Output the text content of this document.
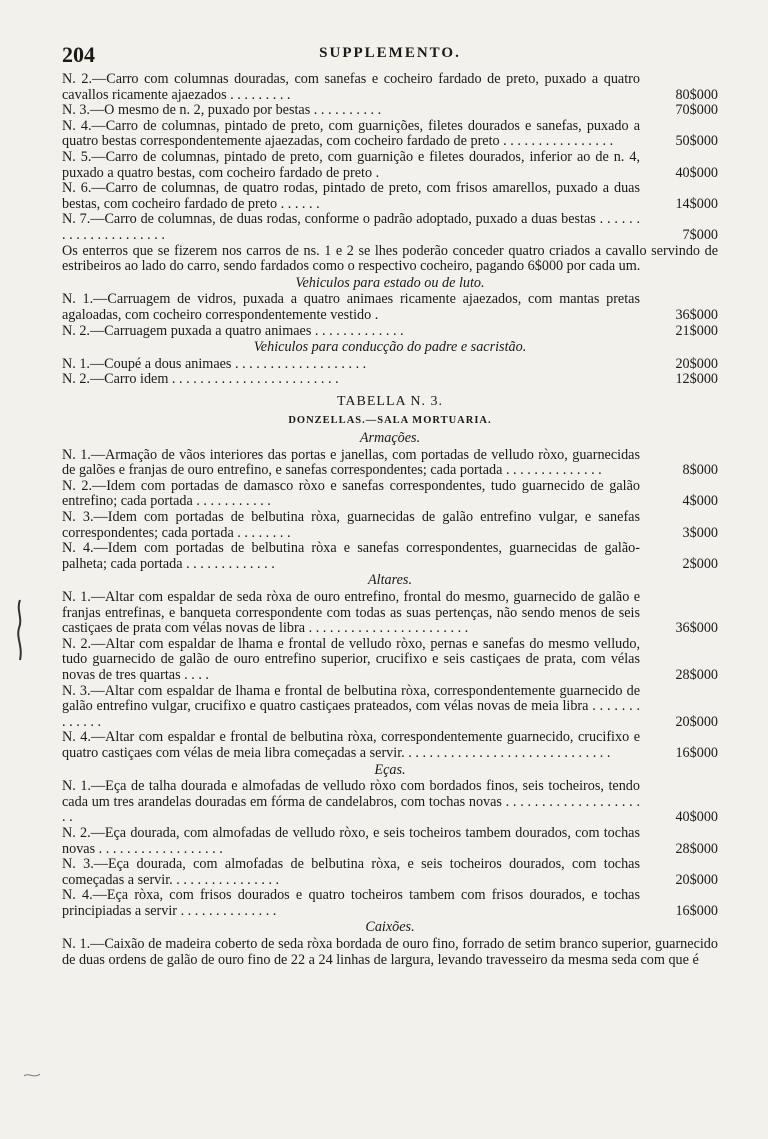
204	SUPPLEMENTO.
N. 2.—Carro com columnas douradas, com sanefas e cocheiro fardado de preto, puxado a quatro cavallos ricamente ajaezados . . . . . . . . .	80$000
N. 3.—O mesmo de n. 2, puxado por bestas . . . . . . . . . .	70$000
N. 4.—Carro de columnas, pintado de preto, com guarnições, filetes dourados e sanefas, puxado a quatro bestas correspondentemente ajaezadas, com cocheiro fardado de preto . . . . . . . . . . . . . . . .	50$000
N. 5.—Carro de columnas, pintado de preto, com guarnição e filetes dourados, inferior ao de n. 4, puxado a quatro bestas, com cocheiro fardado de preto .	40$000
N. 6.—Carro de columnas, de quatro rodas, pintado de preto, com frisos amarellos, puxado a duas bestas, com cocheiro fardado de preto . . . . . .	14$000
N. 7.—Carro de columnas, de duas rodas, conforme o padrão adoptado, puxado a duas bestas . . . . . . . . . . . . . . . . . . . . .	7$000
Os enterros que se fizerem nos carros de ns. 1 e 2 se lhes poderão conceder quatro criados a cavallo servindo de estribeiros ao lado do carro, sendo fardados como o respectivo cocheiro, pagando 6$000 por cada um.
Vehiculos para estado ou de luto.
N. 1.—Carruagem de vidros, puxada a quatro animaes ricamente ajaezados, com mantas pretas agaloadas, com cocheiro correspondentemente vestido .	36$000
N. 2.—Carruagem puxada a quatro animaes . . . . . . . . . . . . .	21$000
Vehiculos para conducção do padre e sacristão.
N. 1.—Coupé a dous animaes . . . . . . . . . . . . . . . . . . .	20$000
N. 2.—Carro idem . . . . . . . . . . . . . . . . . . . . . . . .	12$000
TABELLA N. 3.
DONZELLAS.—SALA MORTUARIA.
Armações.
N. 1.—Armação de vãos interiores das portas e janellas, com portadas de velludo ròxo, guarnecidas de galões e franjas de ouro entrefino, e sanefas correspondentes; cada portada . . . . . . . . . . . . . .	8$000
N. 2.—Idem com portadas de damasco ròxo e sanefas correspondentes, tudo guarnecido de galão entrefino; cada portada . . . . . . . . . . .	4$000
N. 3.—Idem com portadas de belbutina ròxa, guarnecidas de galão entrefino vulgar, e sanefas correspondentes; cada portada . . . . . . . .	3$000
N. 4.—Idem com portadas de belbutina ròxa e sanefas correspondentes, guarnecidas de galão-palheta; cada portada . . . . . . . . . . . . .	2$000
Altares.
N. 1.—Altar com espaldar de seda ròxa de ouro entrefino, frontal do mesmo, guarnecido de galão e franjas entrefinas, e banqueta correspondente com todas as suas pertenças, não sendo menos de seis castiçaes de prata com vélas novas de libra . . . . . . . . . . . . . . . . . . . . . . .	36$000
N. 2.—Altar com espaldar de lhama e frontal de velludo ròxo, pernas e sanefas do mesmo velludo, tudo guarnecido de galão de ouro entrefino superior, crucifixo e seis castiçaes de prata, com vélas novas de tres quartas . . . .	28$000
N. 3.—Altar com espaldar de lhama e frontal de belbutina ròxa, correspondentemente guarnecido de galão entrefino vulgar, crucifixo e quatro castiçaes prateados, com vélas novas de meia libra . . . . . . . . . . . . .	20$000
N. 4.—Altar com espaldar e frontal de belbutina ròxa, correspondentemente guarnecido, crucifixo e quatro castiçaes com vélas de meia libra começadas a servir. . . . . . . . . . . . . . . . . . . . . . . . . . . . . .	16$000
Eças.
N. 1.—Eça de talha dourada e almofadas de velludo ròxo com bordados finos, seis tocheiros, tendo cada um tres arandelas douradas em fórma de candelabros, com tochas novas . . . . . . . . . . . . . . . . . . . . .	40$000
N. 2.—Eça dourada, com almofadas de velludo ròxo, e seis tocheiros tambem dourados, com tochas novas . . . . . . . . . . . . . . . . . .	28$000
N. 3.—Eça dourada, com almofadas de belbutina ròxa, e seis tocheiros dourados, com tochas começadas a servir. . . . . . . . . . . . . . . .	20$000
N. 4.—Eça ròxa, com frisos dourados e quatro tocheiros tambem com frisos dourados, e tochas principiadas a servir . . . . . . . . . . . . . .	16$000
Caixões.
N. 1.—Caixão de madeira coberto de seda ròxa bordada de ouro fino, forrado de setim branco superior, guarnecido de duas ordens de galão de ouro fino de 22 a 24 linhas de largura, levando travesseiro da mesma seda com que é
